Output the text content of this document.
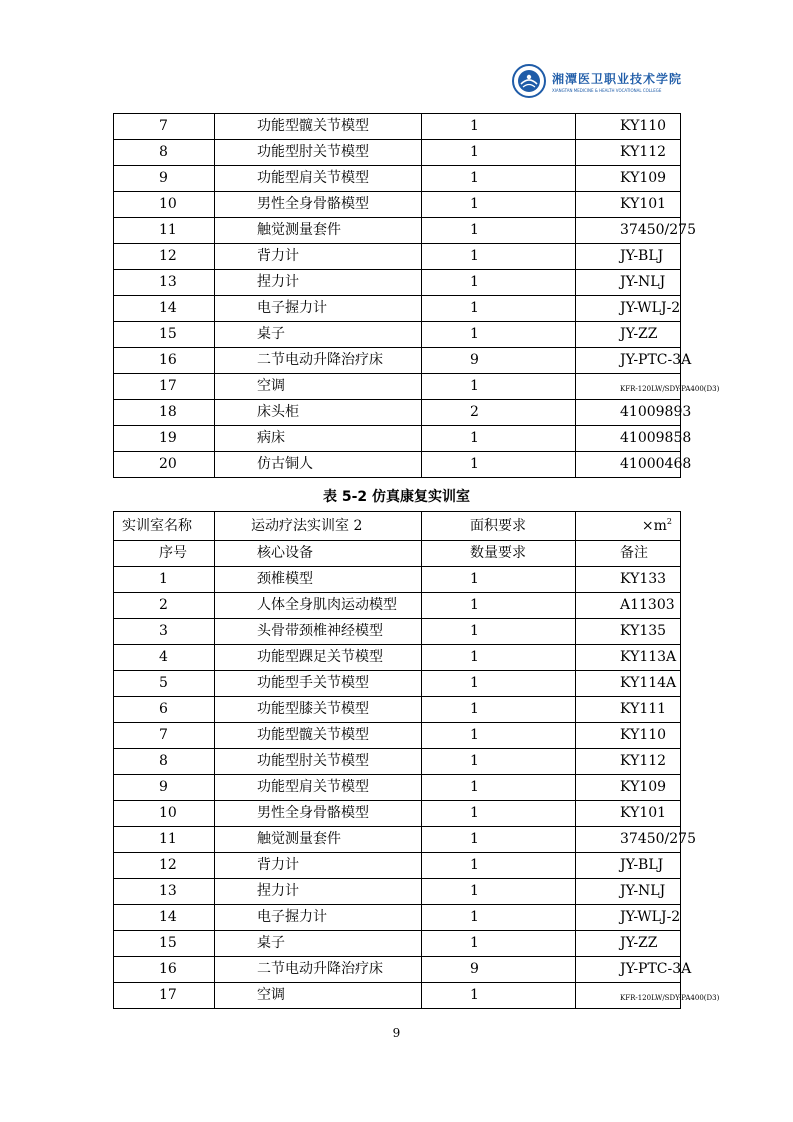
湘潭医卫职业技术学院
XIANGTAN MEDICINE & HEALTH VOCATIONAL COLLEGE
7	功能型髋关节模型	1	KY110
8	功能型肘关节模型	1	KY112
9	功能型肩关节模型	1	KY109
10	男性全身骨骼模型	1	KY101
11	触觉测量套件	1	37450/275
12	背力计	1	JY-BLJ
13	捏力计	1	JY-NLJ
14	电子握力计	1	JY-WLJ-2
15	桌子	1	JY-ZZ
16	二节电动升降治疗床	9	JY-PTC-3A
17	空调	1	KFR-120LW/SDY-PA400(D3)
18	床头柜	2	41009893
19	病床	1	41009858
20	仿古铜人	1	41000468
表 5-2 仿真康复实训室
实训室名称	运动疗法实训室 2	面积要求	$\times m^2$
序号	核心设备	数量要求	备注
1	颈椎模型	1	KY133
2	人体全身肌肉运动模型	1	A11303
3	头骨带颈椎神经模型	1	KY135
4	功能型踝足关节模型	1	KY113A
5	功能型手关节模型	1	KY114A
6	功能型膝关节模型	1	KY111
7	功能型髋关节模型	1	KY110
8	功能型肘关节模型	1	KY112
9	功能型肩关节模型	1	KY109
10	男性全身骨骼模型	1	KY101
11	触觉测量套件	1	37450/275
12	背力计	1	JY-BLJ
13	捏力计	1	JY-NLJ
14	电子握力计	1	JY-WLJ-2
15	桌子	1	JY-ZZ
16	二节电动升降治疗床	9	JY-PTC-3A
17	空调	1	KFR-120LW/SDY-PA400(D3)
9
